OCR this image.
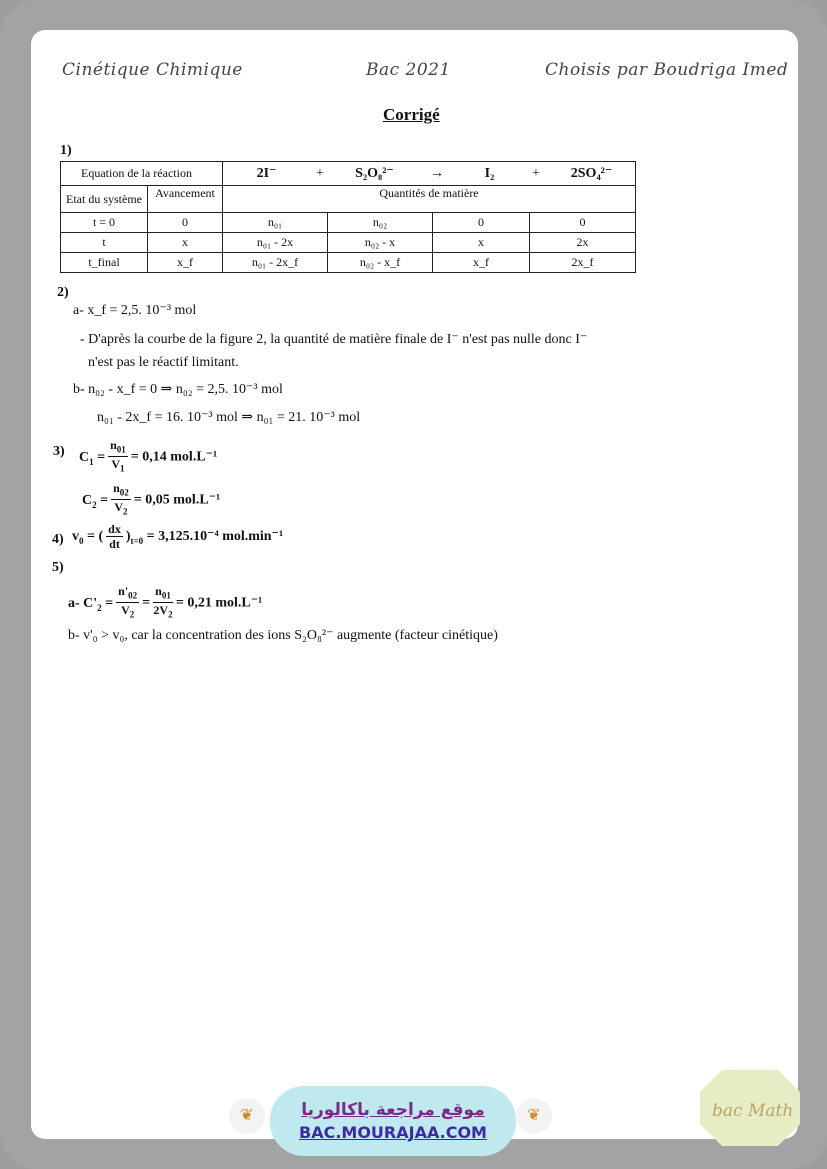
Cinétique Chimique	Bac 2021	Choisis par Boudriga Imed
Corrigé
1)
Equation de la réaction		2I⁻ + S₂O₈²⁻ → I₂ + 2SO₄²⁻			
Etat du système	Avancement	Quantités de matière			
t = 0	0	n₀₁	n₀₂	0	0
t	x	n₀₁ - 2x	n₀₂ - x	x	2x
t_final	x_f	n₀₁ - 2x_f	n₀₂ - x_f	x_f	2x_f
2)
a- x_f = 2,5. 10⁻³ mol
- D'après la courbe de la figure 2, la quantité de matière finale de I⁻ n'est pas nulle donc I⁻
n'est pas le réactif limitant.
b- n₀₂ - x_f = 0 ⇒ n₀₂ = 2,5. 10⁻³ mol
n₀₁ - 2x_f = 16. 10⁻³ mol ⇒ n₀₁ = 21. 10⁻³ mol
3) $C_1 = \frac{n_{01}}{V_1} = 0,14$ mol.L⁻¹
$C_2 = \frac{n_{02}}{V_2} = 0,05$ mol.L⁻¹
4) $v_0$ = ( $\frac{dx}{dt} )_{t=0} = 3,125.10^{-4}$ mol.min⁻¹
5)
a- $C'_2 = \frac{n'_{02}}{V_2} = \frac{n_{01}}{2V_2} = 0,21$ mol.L⁻¹
b- v'₀ > v₀, car la concentration des ions S₂O₈²⁻ augmente (facteur cinétique)
❦	موقع مراجعة باكالوريا
BAC.MOURAJAA.COM
❦	bac Math
